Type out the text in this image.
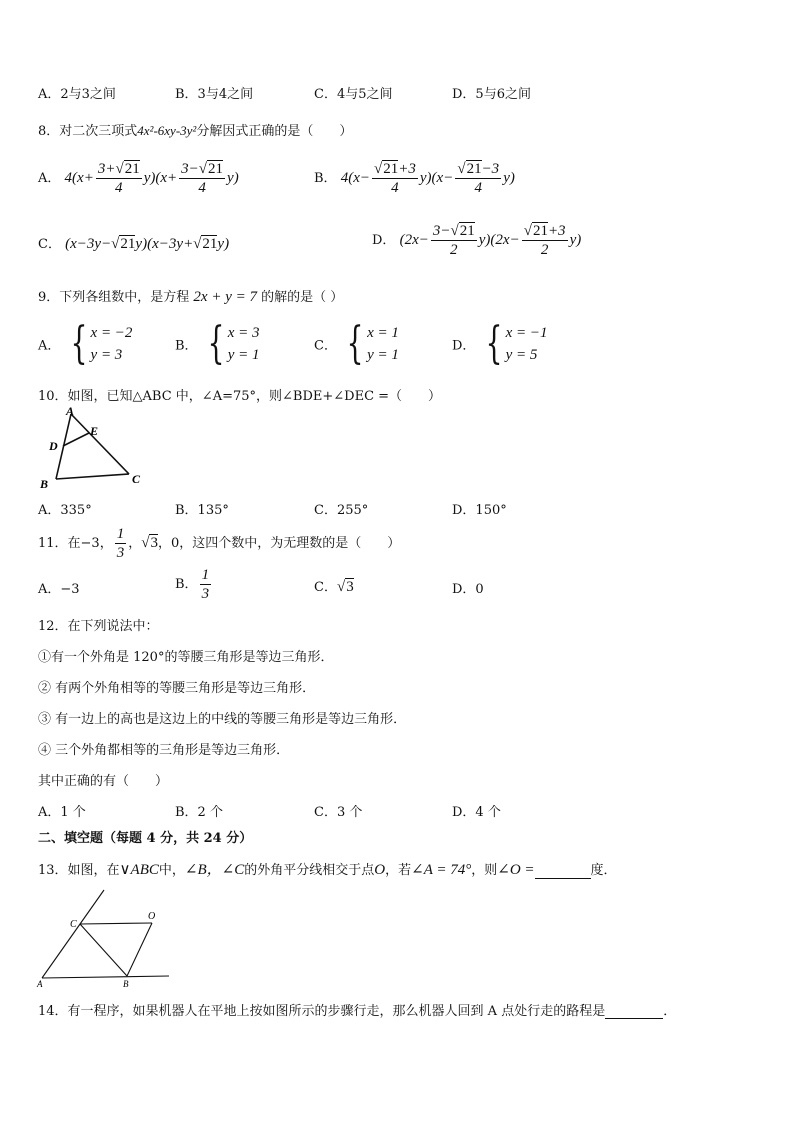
A．2与3之间	B．3与4之间	C．4与5之间	D．5与6之间
8．对二次三项式4x²-6xy-3y²分解因式正确的是（　　）
A． $4(x+ \frac{3+√21}{4} y)(x+ \frac{3-√21}{4} y)$	B． $4(x- \frac{√21+3}{4} y)(x- \frac{√21-3}{4} y)$
C． (x−3y−√21y)(x−3y+√21y)	D． $(2x- \frac{3-√21}{2} y)(2x- \frac{√21+3}{2} y)$
9．下列各组数中，是方程 2x + y = 7 的解的是（ ）
A． { x = −2
y = 3
B． { x = 3
y = 1
C． { x = 1
y = 1
D． { x = −1
y = 5
10．如图，已知△ABC 中，∠A=75°，则∠BDE+∠DEC =（　　）
A
E
D
B	C
A．335°	B．135°	C．255°	D．150°
11．在−3， $\frac{1}{3}$ ，√3，0，这四个数中，为无理数的是（　　）
A．−3	B． $\frac{1}{3}$	C．√3	D．0
12．在下列说法中：
①有一个外角是 120°的等腰三角形是等边三角形．
② 有两个外角相等的等腰三角形是等边三角形．
③ 有一边上的高也是这边上的中线的等腰三角形是等边三角形．
④ 三个外角都相等的三角形是等边三角形．
其中正确的有（　　）
A．1 个	B．2 个	C．3 个	D．4 个
二、填空题（每题 4 分，共 24 分）
13．如图，在∨ABC中，∠B，∠C的外角平分线相交于点O，若∠A = 74°，则∠O =	度．
C
O
A	B
14．有一程序，如果机器人在平地上按如图所示的步骤行走，那么机器人回到 A 点处行走的路程是	．
